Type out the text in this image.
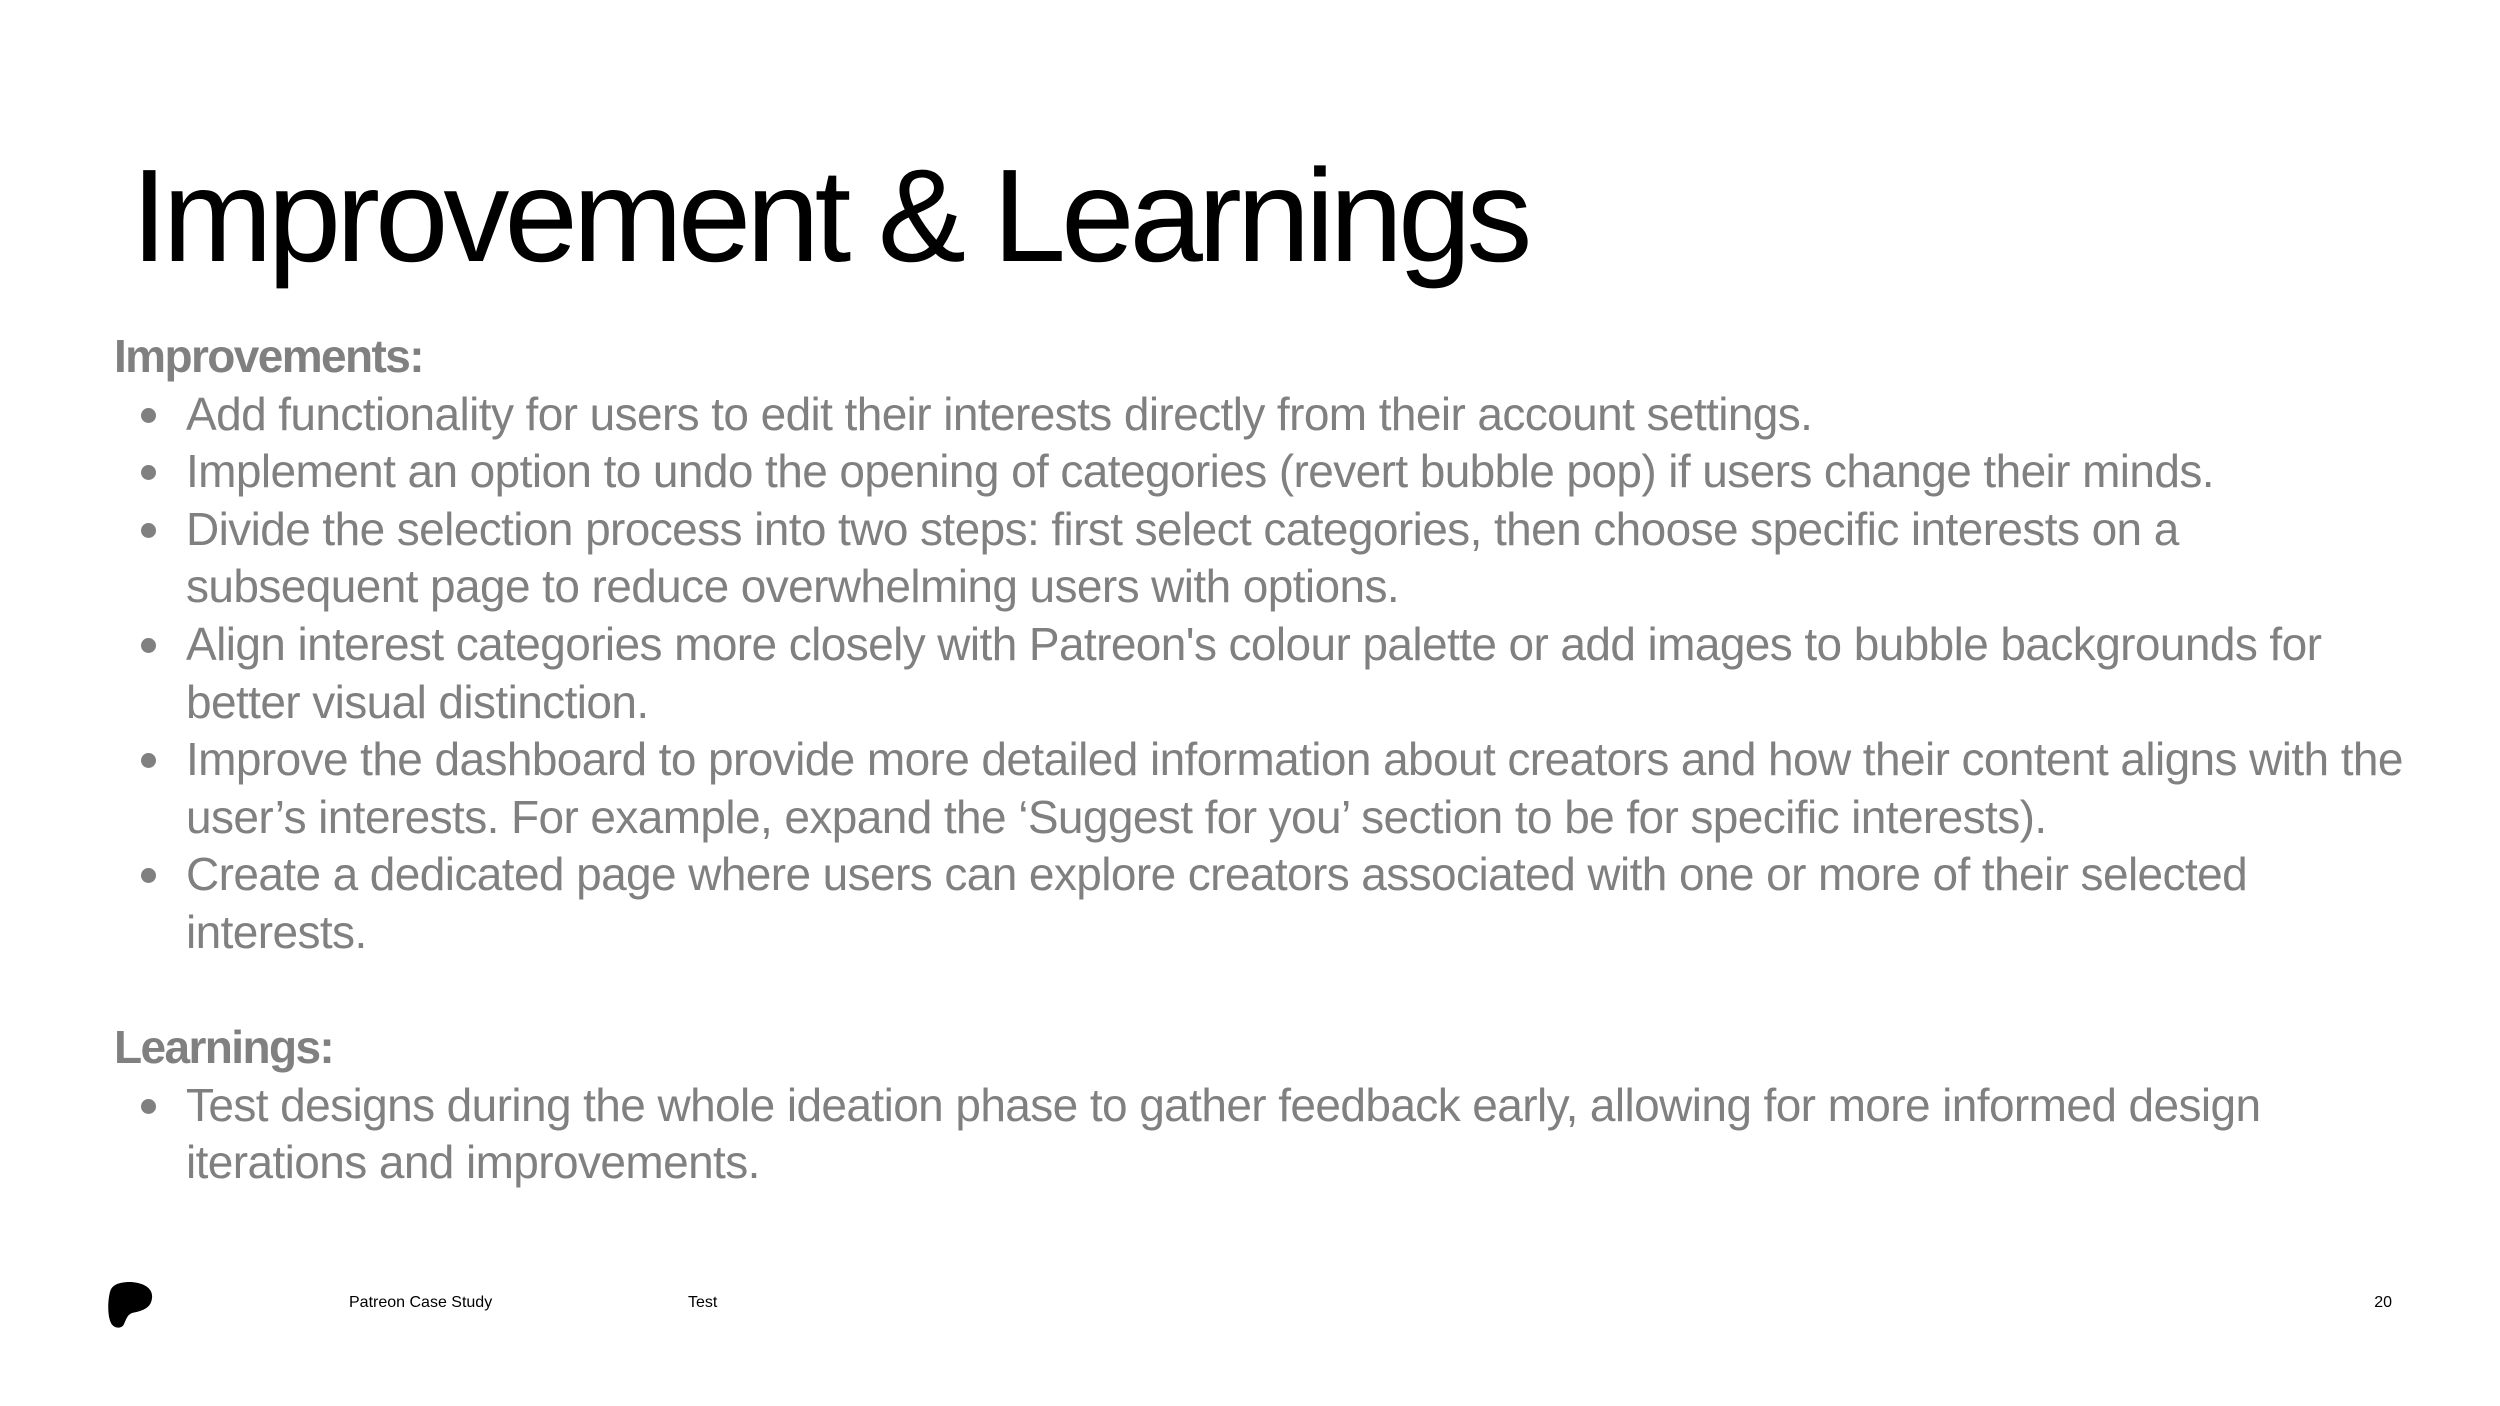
Improvement & Learnings

Improvements:

Add functionality for users to edit their interests directly from their account settings.
Implement an option to undo the opening of categories (revert bubble pop) if users change their minds.
Divide the selection process into two steps: first select categories, then choose specific interests on a subsequent page to reduce overwhelming users with options.
Align interest categories more closely with Patreon's colour palette or add images to bubble backgrounds for better visual distinction.
Improve the dashboard to provide more detailed information about creators and how their content aligns with the user’s interests. For example, expand the ‘Suggest for you’ section to be for specific interests).
Create a dedicated page where users can explore creators associated with one or more of their selected interests.

Learnings:

Test designs during the whole ideation phase to gather feedback early, allowing for more informed design iterations and improvements.
Patreon Case Study	Test	20
